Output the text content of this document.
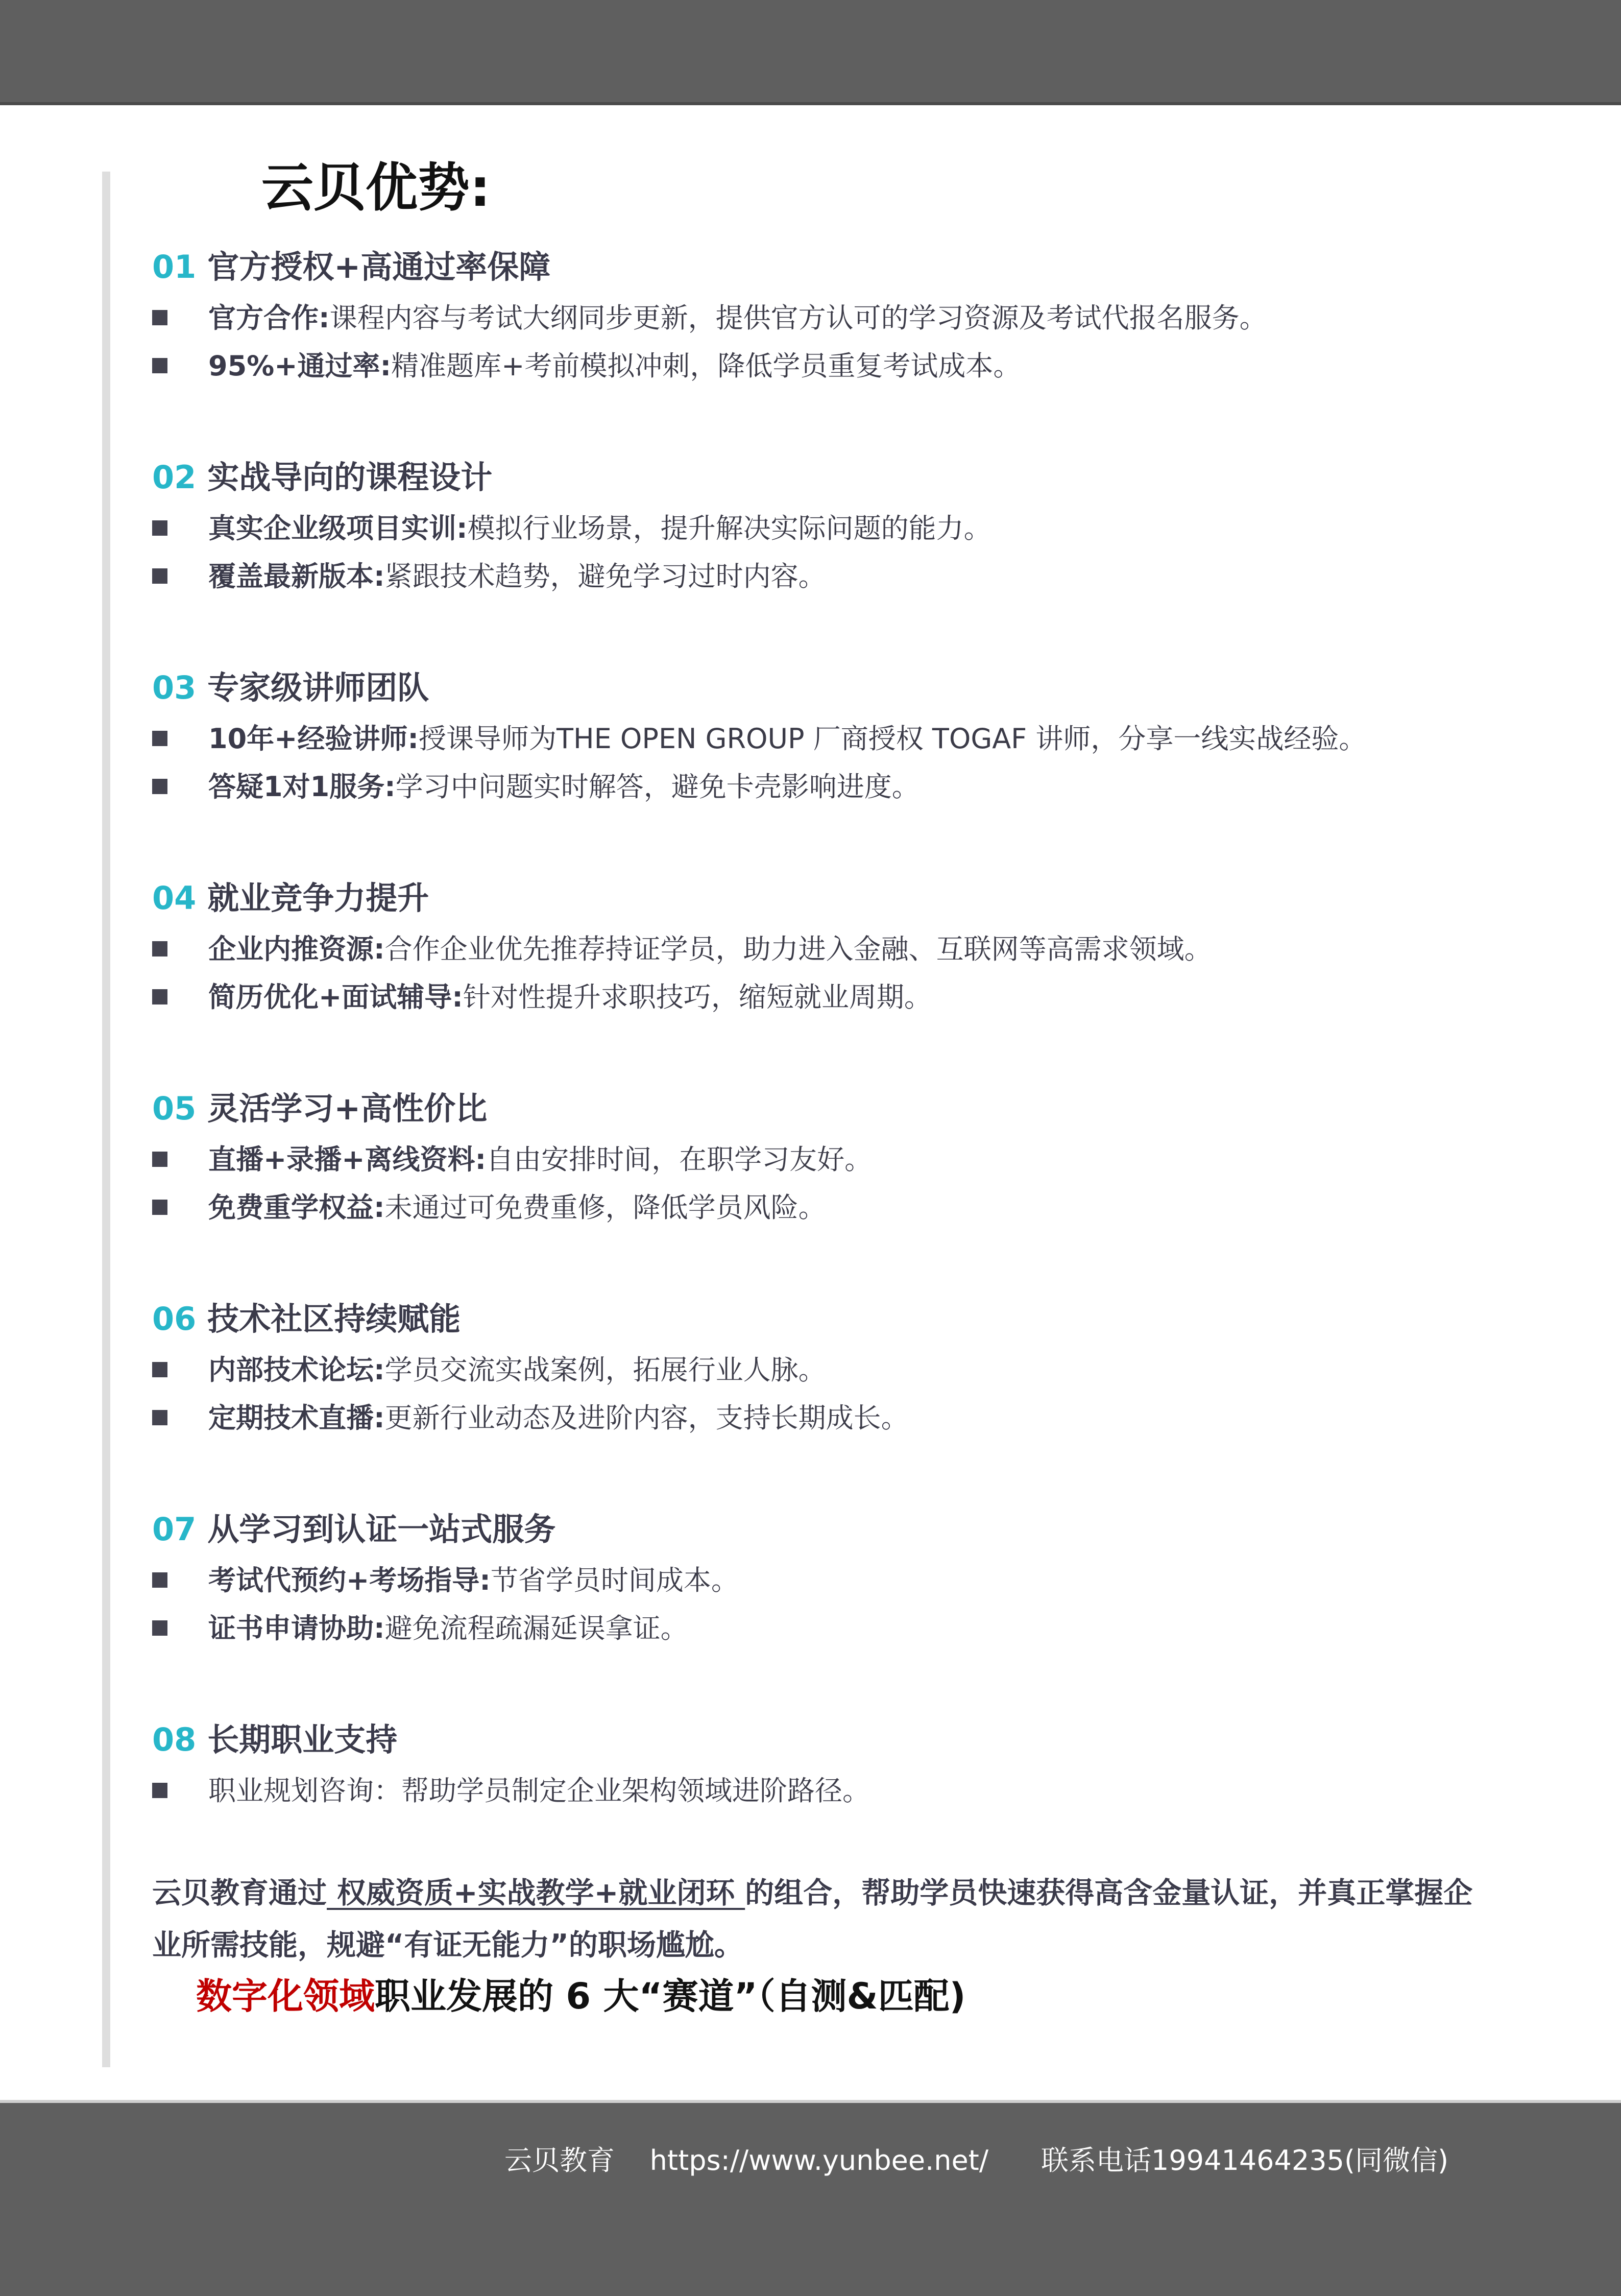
云贝优势:
01 官方授权+高通过率保障
官方合作:课程内容与考试大纲同步更新，提供官方认可的学习资源及考试代报名服务。
95%+通过率:精准题库+考前模拟冲刺，降低学员重复考试成本。
02 实战导向的课程设计
真实企业级项目实训:模拟行业场景，提升解决实际问题的能力。
覆盖最新版本:紧跟技术趋势，避免学习过时内容。
03 专家级讲师团队
10年+经验讲师:授课导师为THE OPEN GROUP 厂商授权 TOGAF 讲师，分享一线实战经验。
答疑1对1服务:学习中问题实时解答，避免卡壳影响进度。
04 就业竞争力提升
企业内推资源:合作企业优先推荐持证学员，助力进入金融、互联网等高需求领域。
简历优化+面试辅导:针对性提升求职技巧，缩短就业周期。
05 灵活学习+高性价比
直播+录播+离线资料:自由安排时间，在职学习友好。
免费重学权益:未通过可免费重修，降低学员风险。
06 技术社区持续赋能
内部技术论坛:学员交流实战案例，拓展行业人脉。
定期技术直播:更新行业动态及进阶内容，支持长期成长。
07 从学习到认证一站式服务
考试代预约+考场指导:节省学员时间成本。
证书申请协助:避免流程疏漏延误拿证。
08 长期职业支持
职业规划咨询：帮助学员制定企业架构领域进阶路径。

云贝教育通过 权威资质+实战教学+就业闭环 的组合，帮助学员快速获得高含金量认证，并真正掌握企业所需技能，规避“有证无能力”的职场尴尬。

数字化领域职业发展的 6 大“赛道”（自测&匹配)
云贝教育 https://www.yunbee.net/ 联系电话19941464235(同微信)
